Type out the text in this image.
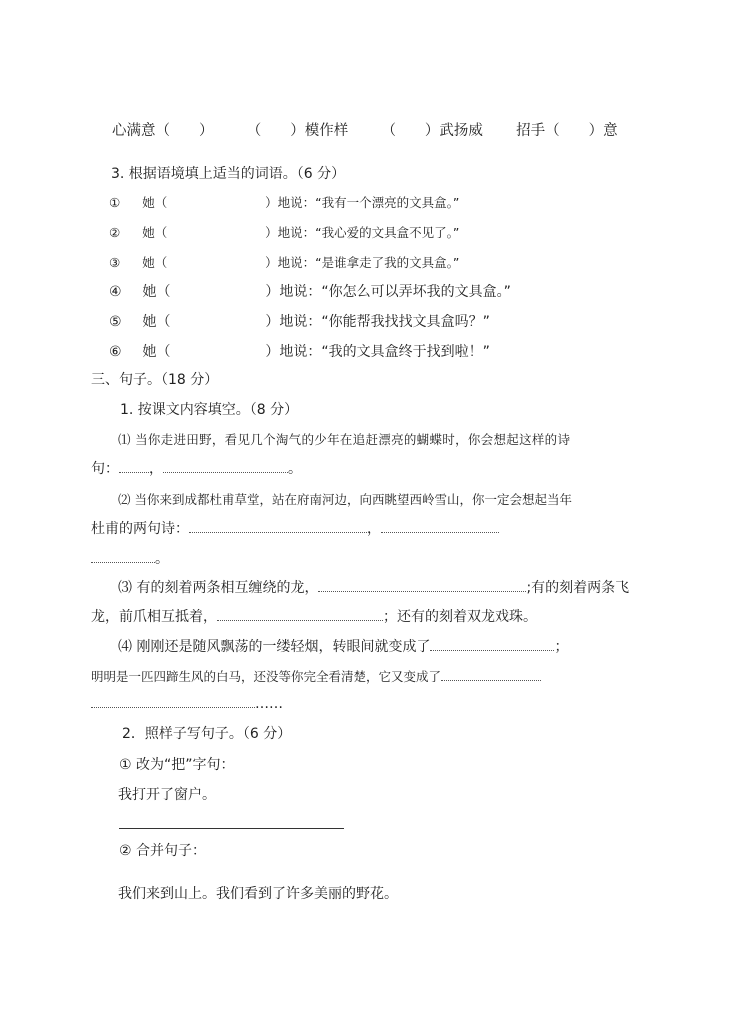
心满意（　　） （　　）模作样 （　　）武扬威 招手（　　）意
3. 根据语境填上适当的词语。（6 分）
① 她（	）地说：“我有一个漂亮的文具盒。”
② 她（	）地说：“我心爱的文具盒不见了。”
③ 她（	）地说：“是谁拿走了我的文具盒。”
④ 她（	）地说：“你怎么可以弄坏我的文具盒。”
⑤ 她（	）地说：“你能帮我找找文具盒吗？”
⑥ 她（	）地说：“我的文具盒终于找到啦！”
三、句子。（18 分）
1. 按课文内容填空。（8 分）
⑴ 当你走进田野，看见几个淘气的少年在追赶漂亮的蝴蝶时，你会想起这样的诗
句： ，	。
⑵ 当你来到成都杜甫草堂，站在府南河边，向西眺望西岭雪山，你一定会想起当年
杜甫的两句诗：	，
。
⑶ 有的刻着两条相互缠绕的龙，	;有的刻着两条飞
龙，前爪相互抵着，	；还有的刻着双龙戏珠。
⑷ 刚刚还是随风飘荡的一缕轻烟，转眼间就变成了	；
明明是一匹四蹄生风的白马，还没等你完全看清楚，它又变成了
……
2．照样子写句子。（6 分）
① 改为“把”字句：
我打开了窗户。
② 合并句子：
我们来到山上。我们看到了许多美丽的野花。
